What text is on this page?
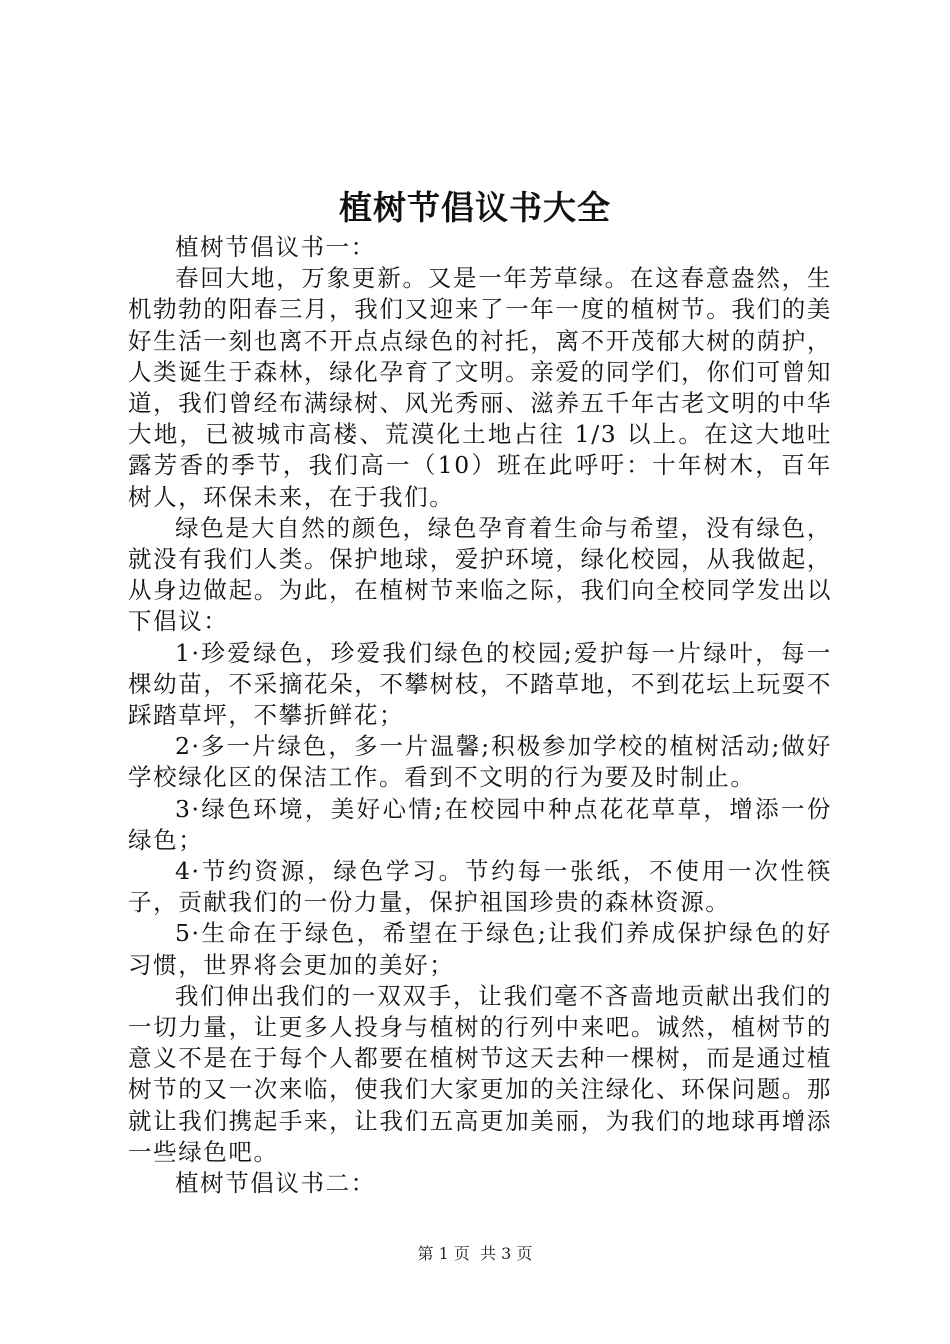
植树节倡议书大全

植树节倡议书一：

春回大地，万象更新。又是一年芳草绿。在这春意盎然，生机勃勃的阳春三月，我们又迎来了一年一度的植树节。我们的美好生活一刻也离不开点点绿色的衬托，离不开茂郁大树的荫护，人类诞生于森林，绿化孕育了文明。亲爱的同学们，你们可曾知道，我们曾经布满绿树、风光秀丽、滋养五千年古老文明的中华大地，已被城市高楼、荒漠化土地占往 1/3 以上。在这大地吐露芳香的季节，我们高一（10）班在此呼吁：十年树木，百年树人，环保未来，在于我们。

绿色是大自然的颜色，绿色孕育着生命与希望，没有绿色，就没有我们人类。保护地球，爱护环境，绿化校园，从我做起，从身边做起。为此，在植树节来临之际，我们向全校同学发出以下倡议：

1·珍爱绿色，珍爱我们绿色的校园;爱护每一片绿叶，每一棵幼苗，不采摘花朵，不攀树枝，不踏草地，不到花坛上玩耍不踩踏草坪，不攀折鲜花；

2·多一片绿色，多一片温馨;积极参加学校的植树活动;做好学校绿化区的保洁工作。看到不文明的行为要及时制止。

3·绿色环境，美好心情;在校园中种点花花草草，增添一份绿色；

4·节约资源，绿色学习。节约每一张纸，不使用一次性筷子，贡献我们的一份力量，保护祖国珍贵的森林资源。

5·生命在于绿色，希望在于绿色;让我们养成保护绿色的好习惯，世界将会更加的美好；

我们伸出我们的一双双手，让我们毫不吝啬地贡献出我们的一切力量，让更多人投身与植树的行列中来吧。诚然，植树节的意义不是在于每个人都要在植树节这天去种一棵树，而是通过植树节的又一次来临，使我们大家更加的关注绿化、环保问题。那就让我们携起手来，让我们五高更加美丽，为我们的地球再增添一些绿色吧。

植树节倡议书二：

第 1 页  共 3 页
